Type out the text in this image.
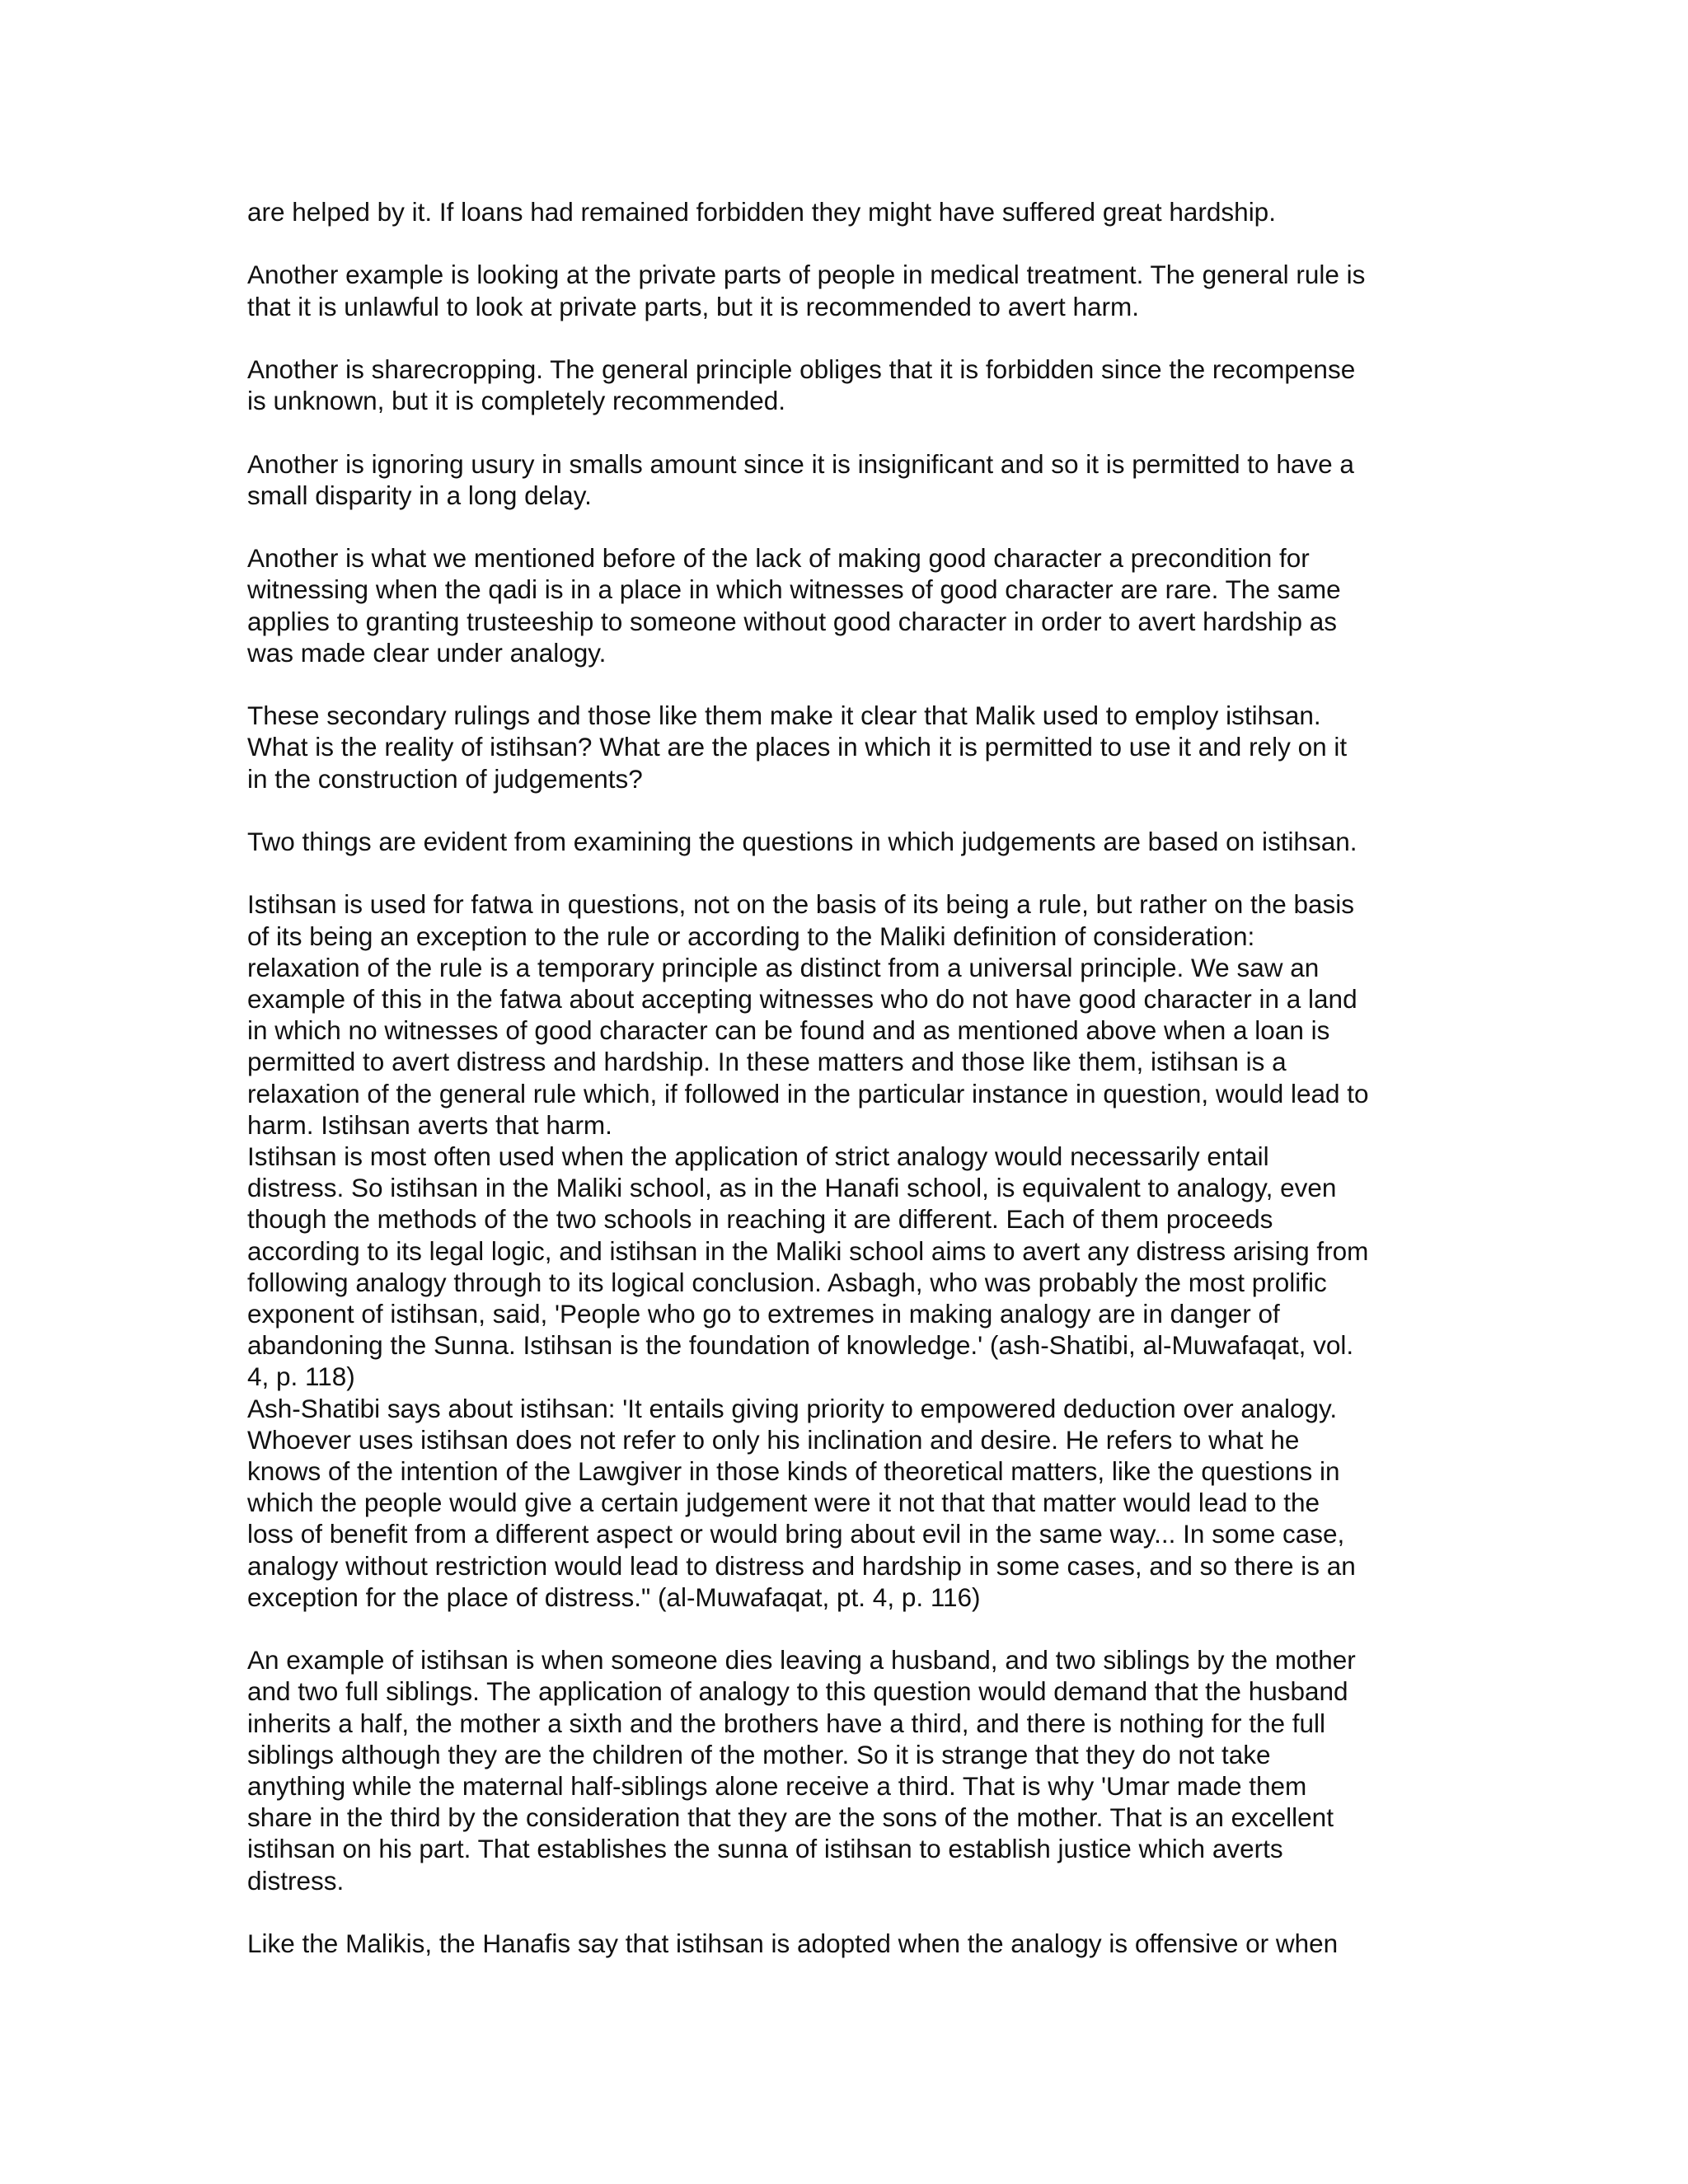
are helped by it. If loans had remained forbidden they might have suffered great hardship.

Another example is looking at the private parts of people in medical treatment. The general rule is
that it is unlawful to look at private parts, but it is recommended to avert harm.

Another is sharecropping. The general principle obliges that it is forbidden since the recompense
is unknown, but it is completely recommended.

Another is ignoring usury in smalls amount since it is insignificant and so it is permitted to have a
small disparity in a long delay.

Another is what we mentioned before of the lack of making good character a precondition for
witnessing when the qadi is in a place in which witnesses of good character are rare. The same
applies to granting trusteeship to someone without good character in order to avert hardship as
was made clear under analogy.

These secondary rulings and those like them make it clear that Malik used to employ istihsan.
What is the reality of istihsan? What are the places in which it is permitted to use it and rely on it
in the construction of judgements?

Two things are evident from examining the questions in which judgements are based on istihsan.

Istihsan is used for fatwa in questions, not on the basis of its being a rule, but rather on the basis
of its being an exception to the rule or according to the Maliki definition of consideration:
relaxation of the rule is a temporary principle as distinct from a universal principle. We saw an
example of this in the fatwa about accepting witnesses who do not have good character in a land
in which no witnesses of good character can be found and as mentioned above when a loan is
permitted to avert distress and hardship. In these matters and those like them, istihsan is a
relaxation of the general rule which, if followed in the particular instance in question, would lead to
harm. Istihsan averts that harm.

Istihsan is most often used when the application of strict analogy would necessarily entail
distress. So istihsan in the Maliki school, as in the Hanafi school, is equivalent to analogy, even
though the methods of the two schools in reaching it are different. Each of them proceeds
according to its legal logic, and istihsan in the Maliki school aims to avert any distress arising from
following analogy through to its logical conclusion. Asbagh, who was probably the most prolific
exponent of istihsan, said, 'People who go to extremes in making analogy are in danger of
abandoning the Sunna. Istihsan is the foundation of knowledge.' (ash-Shatibi, al-Muwafaqat, vol.
4, p. 118)

Ash-Shatibi says about istihsan: 'It entails giving priority to empowered deduction over analogy.
Whoever uses istihsan does not refer to only his inclination and desire. He refers to what he
knows of the intention of the Lawgiver in those kinds of theoretical matters, like the questions in
which the people would give a certain judgement were it not that that matter would lead to the
loss of benefit from a different aspect or would bring about evil in the same way... In some case,
analogy without restriction would lead to distress and hardship in some cases, and so there is an
exception for the place of distress." (al-Muwafaqat, pt. 4, p. 116)

An example of istihsan is when someone dies leaving a husband, and two siblings by the mother
and two full siblings. The application of analogy to this question would demand that the husband
inherits a half, the mother a sixth and the brothers have a third, and there is nothing for the full
siblings although they are the children of the mother. So it is strange that they do not take
anything while the maternal half-siblings alone receive a third. That is why 'Umar made them
share in the third by the consideration that they are the sons of the mother. That is an excellent
istihsan on his part. That establishes the sunna of istihsan to establish justice which averts
distress.

Like the Malikis, the Hanafis say that istihsan is adopted when the analogy is offensive or when
